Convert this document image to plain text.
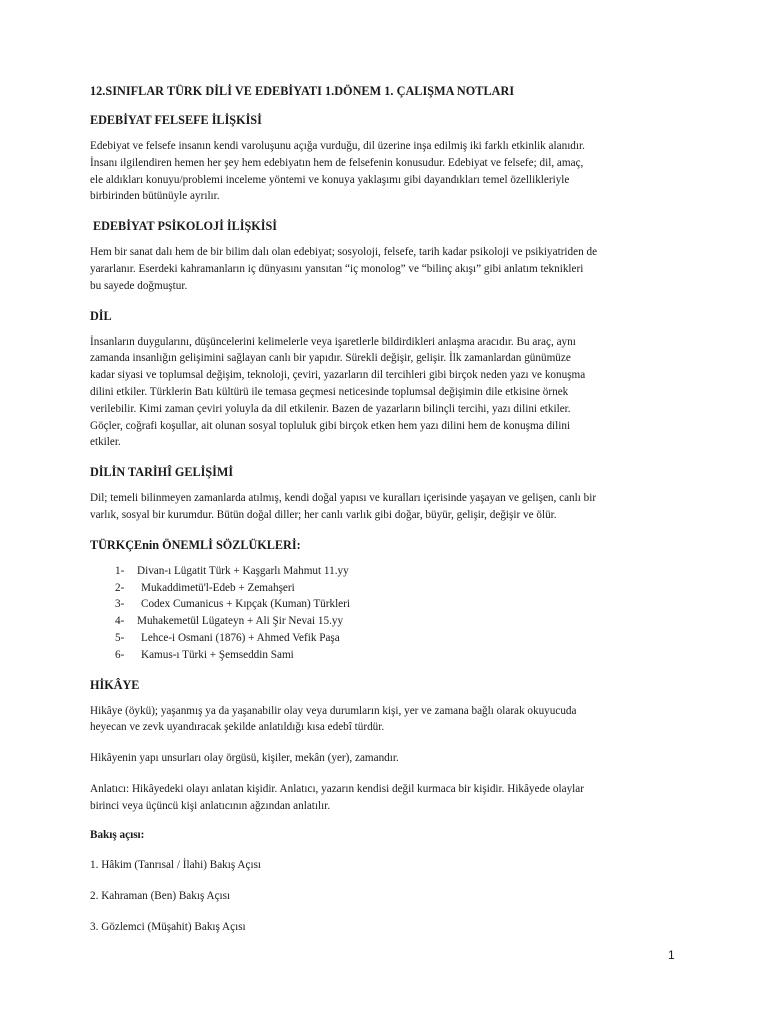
12.SINIFLAR TÜRK DİLİ VE EDEBİYATI 1.DÖNEM 1. ÇALIŞMA NOTLARI
EDEBİYAT FELSEFE İLİŞKİSİ
Edebiyat ve felsefe insanın kendi varoluşunu açığa vurduğu, dil üzerine inşa edilmiş iki farklı etkinlik alanıdır.
İnsanı ilgilendiren hemen her şey hem edebiyatın hem de felsefenin konusudur. Edebiyat ve felsefe; dil, amaç,
ele aldıkları konuyu/problemi inceleme yöntemi ve konuya yaklaşımı gibi dayandıkları temel özellikleriyle
birbirinden bütünüyle ayrılır.
EDEBİYAT PSİKOLOJİ İLİŞKİSİ
Hem bir sanat dalı hem de bir bilim dalı olan edebiyat; sosyoloji, felsefe, tarih kadar psikoloji ve psikiyatriden de
yararlanır. Eserdeki kahramanların iç dünyasını yansıtan “iç monolog” ve “bilinç akışı” gibi anlatım teknikleri
bu sayede doğmuştur.
DİL
İnsanların duygularını, düşüncelerini kelimelerle veya işaretlerle bildirdikleri anlaşma aracıdır. Bu araç, aynı
zamanda insanlığın gelişimini sağlayan canlı bir yapıdır. Sürekli değişir, gelişir. İlk zamanlardan günümüze
kadar siyasi ve toplumsal değişim, teknoloji, çeviri, yazarların dil tercihleri gibi birçok neden yazı ve konuşma
dilini etkiler. Türklerin Batı kültürü ile temasa geçmesi neticesinde toplumsal değişimin dile etkisine örnek
verilebilir. Kimi zaman çeviri yoluyla da dil etkilenir. Bazen de yazarların bilinçli tercihi, yazı dilini etkiler.
Göçler, coğrafi koşullar, ait olunan sosyal topluluk gibi birçok etken hem yazı dilini hem de konuşma dilini
etkiler.
DİLİN TARİHÎ GELİŞİMİ
Dil; temeli bilinmeyen zamanlarda atılmış, kendi doğal yapısı ve kuralları içerisinde yaşayan ve gelişen, canlı bir
varlık, sosyal bir kurumdur. Bütün doğal diller; her canlı varlık gibi doğar, büyür, gelişir, değişir ve ölür.
TÜRKÇEnin ÖNEMLİ SÖZLÜKLERİ:
1- Divan-ı Lügatit Türk + Kaşgarlı Mahmut 11.yy
2- Mukaddimetü'l-Edeb + Zemahşeri
3- Codex Cumanicus + Kıpçak (Kuman) Türkleri
4- Muhakemetül Lügateyn + Ali Şir Nevai 15.yy
5- Lehce-i Osmani (1876) + Ahmed Vefik Paşa
6- Kamus-ı Türki + Şemseddin Sami
HİKÂYE
Hikâye (öykü); yaşanmış ya da yaşanabilir olay veya durumların kişi, yer ve zamana bağlı olarak okuyucuda
heyecan ve zevk uyandıracak şekilde anlatıldığı kısa edebî türdür.
Hikâyenin yapı unsurları olay örgüsü, kişiler, mekân (yer), zamandır.
Anlatıcı: Hikâyedeki olayı anlatan kişidir. Anlatıcı, yazarın kendisi değil kurmaca bir kişidir. Hikâyede olaylar
birinci veya üçüncü kişi anlatıcının ağzından anlatılır.
Bakış açısı:
1. Hâkim (Tanrısal / İlahi) Bakış Açısı
2. Kahraman (Ben) Bakış Açısı
3. Gözlemci (Müşahit) Bakış Açısı
1
